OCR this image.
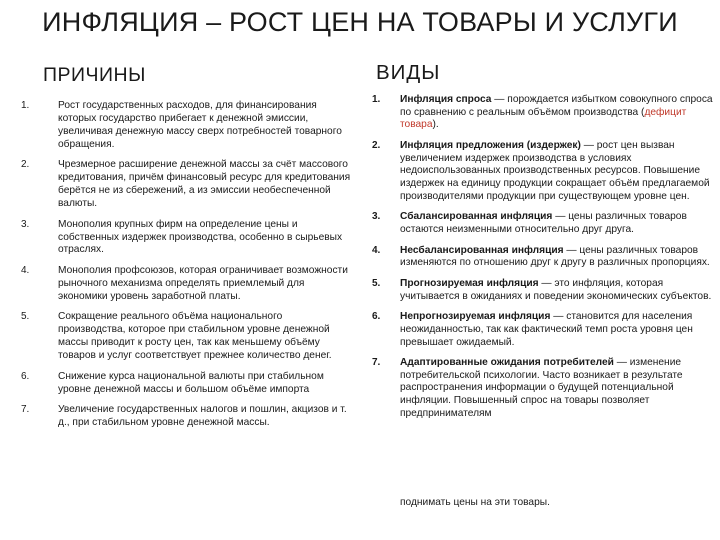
ИНФЛЯЦИЯ – РОСТ ЦЕН НА ТОВАРЫ И УСЛУГИ
ПРИЧИНЫ	ВИДЫ
1.	Рост государственных расходов, для финансирования которых государство прибегает к денежной эмиссии, увеличивая денежную массу сверх потребностей товарного обращения.
2.	Чрезмерное расширение денежной массы за счёт массового кредитования, причём финансовый ресурс для кредитования берётся не из сбережений, а из эмиссии необеспеченной валюты.
3.	Монополия крупных фирм на определение цены и собственных издержек производства, особенно в сырьевых отраслях.
4.	Монополия профсоюзов, которая ограничивает возможности рыночного механизма определять приемлемый для экономики уровень заработной платы.
5.	Сокращение реального объёма национального производства, которое при стабильном уровне денежной массы приводит к росту цен, так как меньшему объёму товаров и услуг соответствует прежнее количество денег.
6.	Снижение курса национальной валюты при стабильном уровне денежной массы и большом объёме импорта
7.	Увеличение государственных налогов и пошлин, акцизов и т. д., при стабильном уровне денежной массы.
1.	Инфляция спроса — порождается избытком совокупного спроса по сравнению с реальным объёмом производства (дефицит товара).
2.	Инфляция предложения (издержек) — рост цен вызван увеличением издержек производства в условиях недоиспользованных производственных ресурсов. Повышение издержек на единицу продукции сокращает объём предлагаемой производителями продукции при существующем уровне цен.
3.	Сбалансированная инфляция — цены различных товаров остаются неизменными относительно друг друга.
4.	Несбалансированная инфляция — цены различных товаров изменяются по отношению друг к другу в различных пропорциях.
5.	Прогнозируемая инфляция — это инфляция, которая учитывается в ожиданиях и поведении экономических субъектов.
6.	Непрогнозируемая инфляция — становится для населения неожиданностью, так как фактический темп роста уровня цен превышает ожидаемый.
7.	Адаптированные ожидания потребителей — изменение потребительской психологии. Часто возникает в результате распространения информации о будущей потенциальной инфляции. Повышенный спрос на товары позволяет предпринимателям
поднимать цены на эти товары.
